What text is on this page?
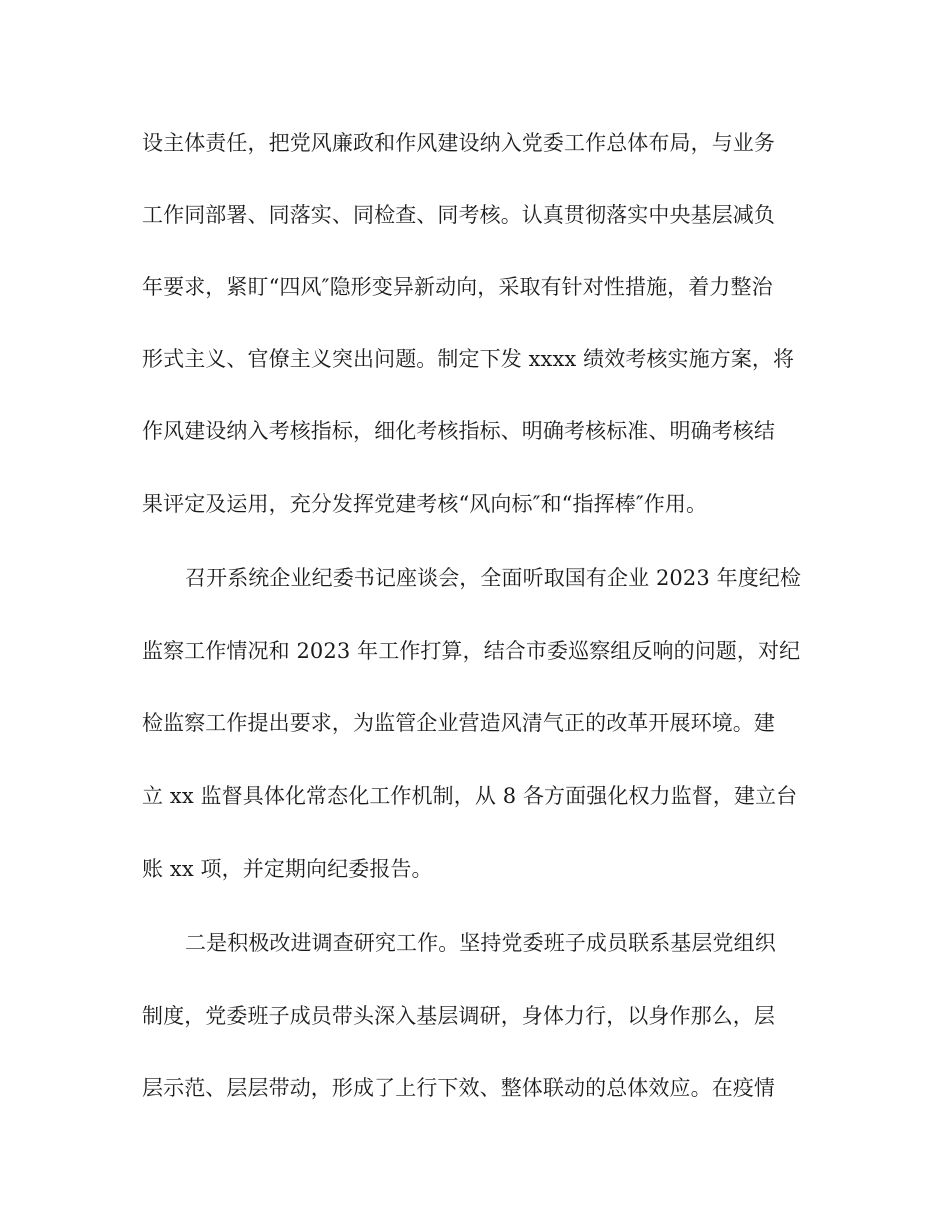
设主体责任，把党风廉政和作风建设纳入党委工作总体布局，与业务
工作同部署、同落实、同检查、同考核。认真贯彻落实中央基层减负
年要求，紧盯“四风″隐形变异新动向，采取有针对性措施，着力整治
形式主义、官僚主义突出问题。制定下发 xxxx 绩效考核实施方案，将
作风建设纳入考核指标，细化考核指标、明确考核标准、明确考核结
果评定及运用，充分发挥党建考核“风向标″和“指挥棒″作用。
召开系统企业纪委书记座谈会，全面听取国有企业 2023 年度纪检
监察工作情况和 2023 年工作打算，结合市委巡察组反响的问题，对纪
检监察工作提出要求，为监管企业营造风清气正的改革开展环境。建
立 xx 监督具体化常态化工作机制，从 8 各方面强化权力监督，建立台
账 xx 项，并定期向纪委报告。
二是积极改进调查研究工作。坚持党委班子成员联系基层党组织
制度，党委班子成员带头深入基层调研，身体力行，以身作那么，层
层示范、层层带动，形成了上行下效、整体联动的总体效应。在疫情
